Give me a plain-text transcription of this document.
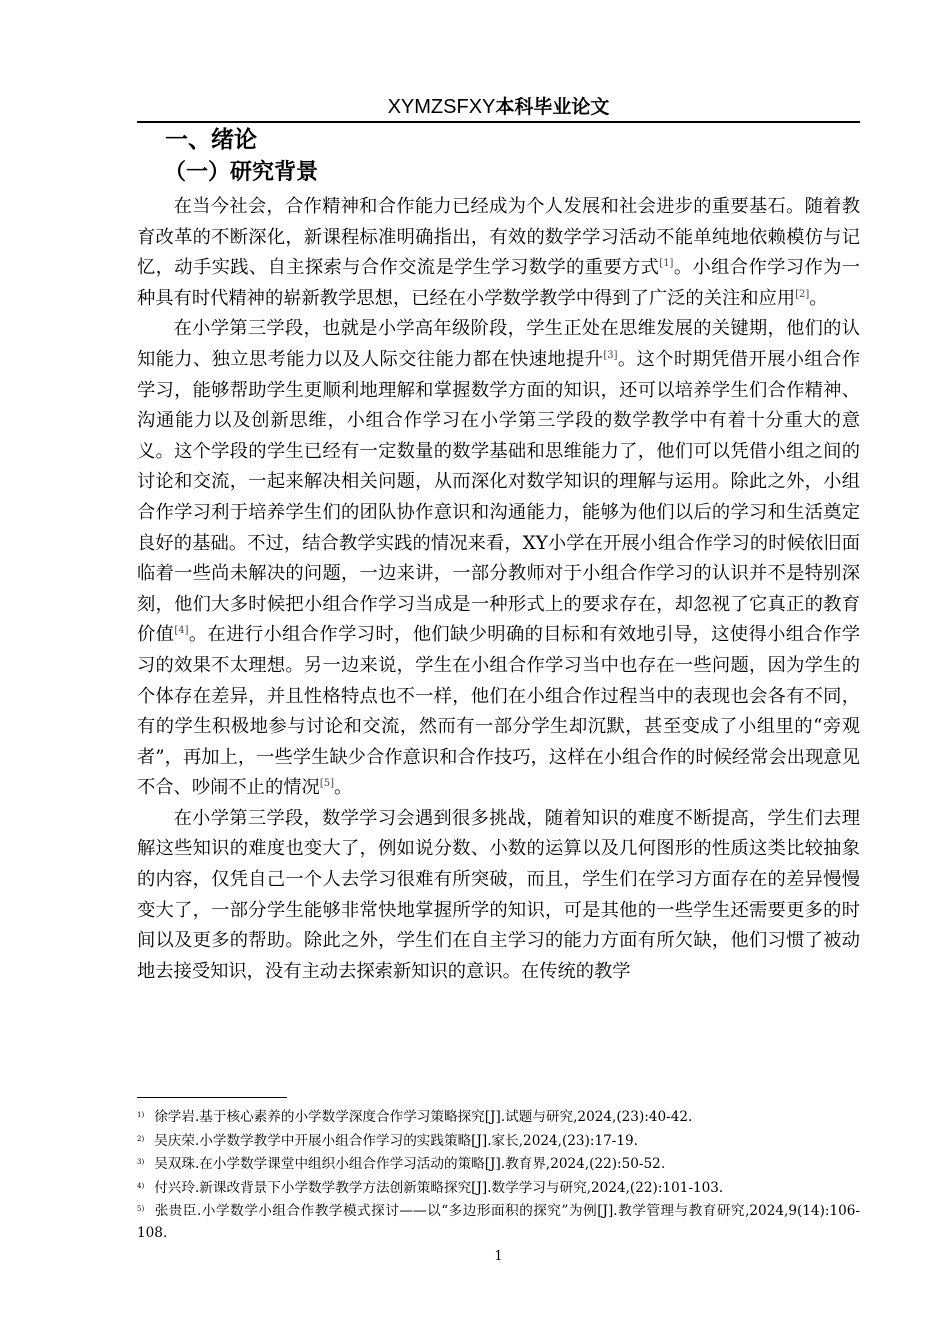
XYMZSFXY本科毕业论文
一、绪论
（一）研究背景

在当今社会，合作精神和合作能力已经成为个人发展和社会进步的重要基石。随着教育改革的不断深化，新课程标准明确指出，有效的数学学习活动不能单纯地依赖模仿与记忆，动手实践、自主探索与合作交流是学生学习数学的重要方式[1]。小组合作学习作为一种具有时代精神的崭新教学思想，已经在小学数学教学中得到了广泛的关注和应用[2]。

在小学第三学段，也就是小学高年级阶段，学生正处在思维发展的关键期，他们的认知能力、独立思考能力以及人际交往能力都在快速地提升[3]。这个时期凭借开展小组合作学习，能够帮助学生更顺利地理解和掌握数学方面的知识，还可以培养学生们合作精神、沟通能力以及创新思维，小组合作学习在小学第三学段的数学教学中有着十分重大的意义。这个学段的学生已经有一定数量的数学基础和思维能力了，他们可以凭借小组之间的讨论和交流，一起来解决相关问题，从而深化对数学知识的理解与运用。除此之外，小组合作学习利于培养学生们的团队协作意识和沟通能力，能够为他们以后的学习和生活奠定良好的基础。不过，结合教学实践的情况来看，XY小学在开展小组合作学习的时候依旧面临着一些尚未解决的问题，一边来讲，一部分教师对于小组合作学习的认识并不是特别深刻，他们大多时候把小组合作学习当成是一种形式上的要求存在，却忽视了它真正的教育价值[4]。在进行小组合作学习时，他们缺少明确的目标和有效地引导，这使得小组合作学习的效果不太理想。另一边来说，学生在小组合作学习当中也存在一些问题，因为学生的个体存在差异，并且性格特点也不一样，他们在小组合作过程当中的表现也会各有不同，有的学生积极地参与讨论和交流，然而有一部分学生却沉默，甚至变成了小组里的“旁观者”，再加上，一些学生缺少合作意识和合作技巧，这样在小组合作的时候经常会出现意见不合、吵闹不止的情况[5]。

在小学第三学段，数学学习会遇到很多挑战，随着知识的难度不断提高，学生们去理解这些知识的难度也变大了，例如说分数、小数的运算以及几何图形的性质这类比较抽象的内容，仅凭自己一个人去学习很难有所突破，而且，学生们在学习方面存在的差异慢慢变大了，一部分学生能够非常快地掌握所学的知识，可是其他的一些学生还需要更多的时间以及更多的帮助。除此之外，学生们在自主学习的能力方面有所欠缺，他们习惯了被动地去接受知识，没有主动去探索新知识的意识。在传统的教学

$^{1)}$ 徐学岩.基于核心素养的小学数学深度合作学习策略探究[J].试题与研究,2024,(23):40-42.

$^{2)}$ 吴庆荣.小学数学教学中开展小组合作学习的实践策略[J].家长,2024,(23):17-19.

$^{3)}$ 吴双珠.在小学数学课堂中组织小组合作学习活动的策略[J].教育界,2024,(22):50-52.

$^{4)}$ 付兴玲.新课改背景下小学数学教学方法创新策略探究[J].数学学习与研究,2024,(22):101-103.

$^{5)}$ 张贵臣.小学数学小组合作教学模式探讨——以“多边形面积的探究”为例[J].教学管理与教育研究,2024,9(14):106-108.

1
